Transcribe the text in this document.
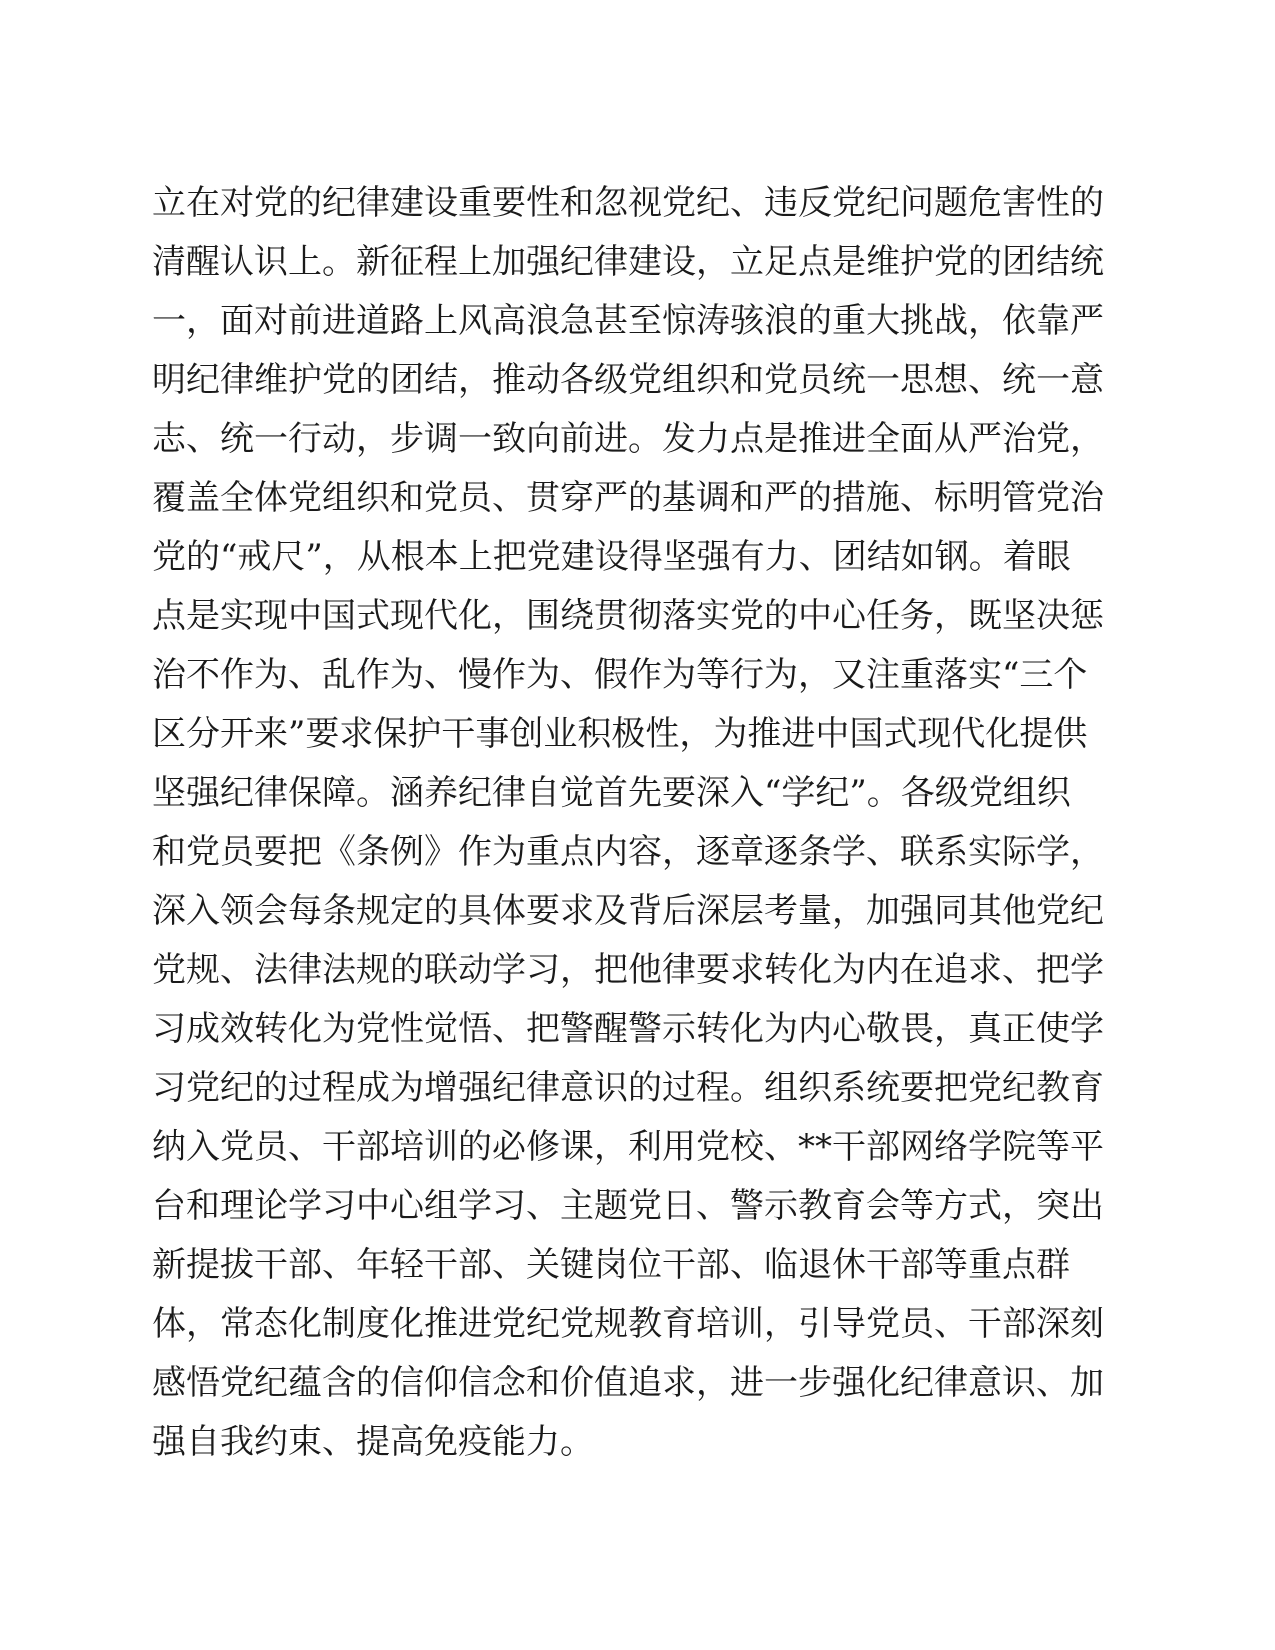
立在对党的纪律建设重要性和忽视党纪、违反党纪问题危害性的
清醒认识上。新征程上加强纪律建设，立足点是维护党的团结统
一，面对前进道路上风高浪急甚至惊涛骇浪的重大挑战，依靠严
明纪律维护党的团结，推动各级党组织和党员统一思想、统一意
志、统一行动，步调一致向前进。发力点是推进全面从严治党，
覆盖全体党组织和党员、贯穿严的基调和严的措施、标明管党治
党的“戒尺”，从根本上把党建设得坚强有力、团结如钢。着眼
点是实现中国式现代化，围绕贯彻落实党的中心任务，既坚决惩
治不作为、乱作为、慢作为、假作为等行为，又注重落实“三个
区分开来”要求保护干事创业积极性，为推进中国式现代化提供
坚强纪律保障。涵养纪律自觉首先要深入“学纪”。各级党组织
和党员要把《条例》作为重点内容，逐章逐条学、联系实际学，
深入领会每条规定的具体要求及背后深层考量，加强同其他党纪
党规、法律法规的联动学习，把他律要求转化为内在追求、把学
习成效转化为党性觉悟、把警醒警示转化为内心敬畏，真正使学
习党纪的过程成为增强纪律意识的过程。组织系统要把党纪教育
纳入党员、干部培训的必修课，利用党校、**干部网络学院等平
台和理论学习中心组学习、主题党日、警示教育会等方式，突出
新提拔干部、年轻干部、关键岗位干部、临退休干部等重点群
体，常态化制度化推进党纪党规教育培训，引导党员、干部深刻
感悟党纪蕴含的信仰信念和价值追求，进一步强化纪律意识、加
强自我约束、提高免疫能力。
